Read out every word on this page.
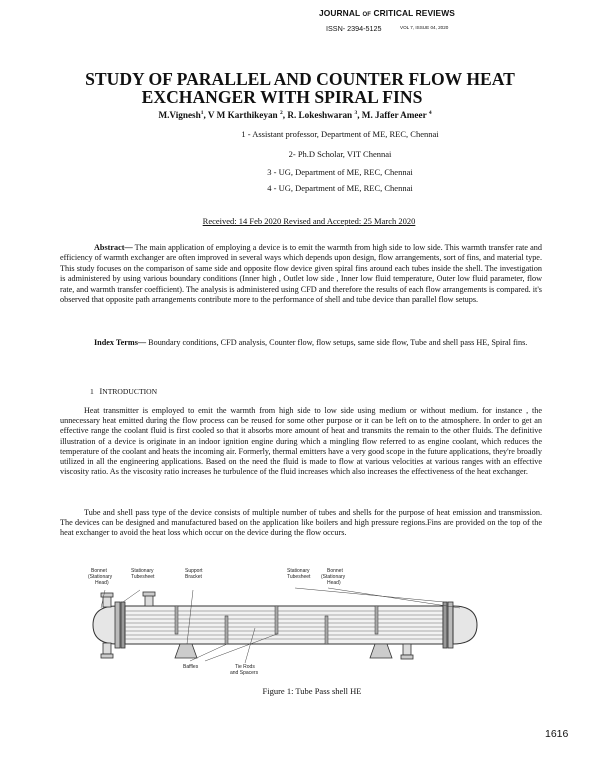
JOURNAL OF CRITICAL REVIEWS
ISSN- 2394-5125	VOL 7, ISSUE 04, 2020
STUDY OF PARALLEL AND COUNTER FLOW HEAT
EXCHANGER WITH SPIRAL FINS
M.Vignesh$^1$, V M Karthikeyan $^2$, R. Lokeshwaran $^3$, M. Jaffer Ameer $^4$
1 - Assistant professor, Department of ME, REC, Chennai
2- Ph.D Scholar, VIT Chennai
3 - UG, Department of ME, REC, Chennai
4 - UG, Department of ME, REC, Chennai
Received: 14 Feb 2020 Revised and Accepted: 25 March 2020
Abstract— The main application of employing a device is to emit the warmth from high side to low side. This warmth transfer rate and efficiency of warmth exchanger are often improved in several ways which depends upon design, flow arrangements, sort of fins, and material type. This study focuses on the comparison of same side and opposite flow device given spiral fins around each tubes inside the shell. The investigation is administered by using various boundary conditions (Inner high , Outlet low side , Inner low fluid temperature, Outer low fluid parameter, flow rate, and warmth transfer coefficient). The analysis is administered using CFD and therefore the results of each flow arrangements is compared. it's observed that opposite path arrangements contribute more to the performance of shell and tube device than parallel flow setups.
Index Terms— Boundary conditions, CFD analysis, Counter flow, flow setups, same side flow, Tube and shell pass HE, Spiral fins.
1 INTRODUCTION
Heat transmitter is employed to emit the warmth from high side to low side using medium or without medium. for instance , the unnecessary heat emitted during the flow process can be reused for some other purpose or it can be left on to the atmosphere. In order to get an effective range the coolant fluid is first cooled so that it absorbs more amount of heat and transmits the remain to the other fluids. The definitive illustration of a device is originate in an indoor ignition engine during which a mingling flow referred to as engine coolant, which reduces the temperature of the coolant and heats the incoming air. Formerly, thermal emitters have a very good scope in the future applications, they're broadly utilized in all the engineering applications. Based on the need the fluid is made to flow at various velocities at various ranges with an effective viscosity ratio. As the viscosity ratio increases he turbulence of the fluid increases which also increases the effectiveness of the heat exchanger.
Tube and shell pass type of the device consists of multiple number of tubes and shells for the purpose of heat emission and transmission. The devices can be designed and manufactured based on the application like boilers and high pressure regions.Fins are provided on the top of the heat exchanger to avoid the heat loss which occur on the device during the flow occurs.
Bonnet (Stationary Head)
Stationary Tubesheet
Support Bracket
Stationary Tubesheet
Bonnet (Stationary Head)
Baffles	Tie Rods and Spacers
Figure 1: Tube Pass shell HE
1616
